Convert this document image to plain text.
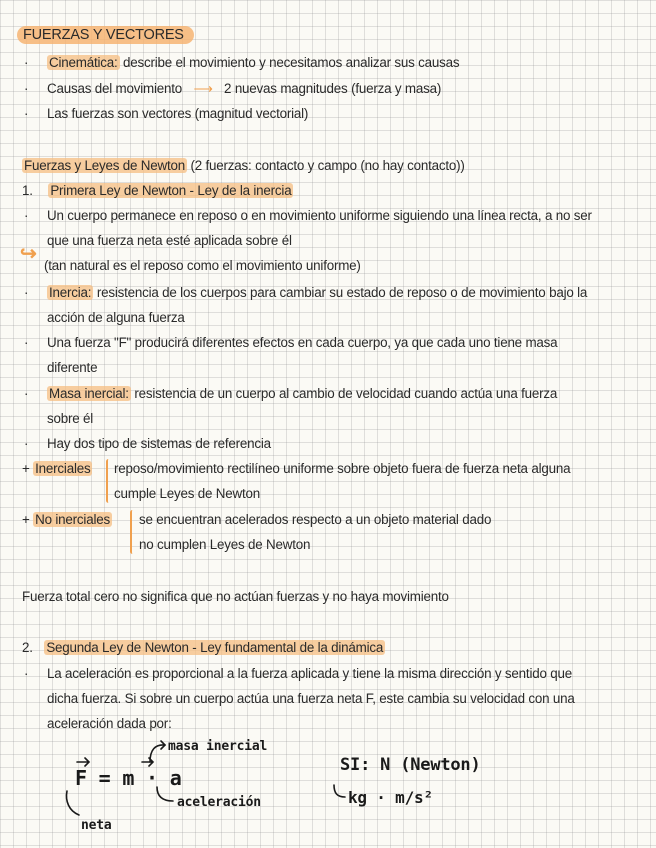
FUERZAS Y VECTORES
· Cinemática: describe el movimiento y necesitamos analizar sus causas
· Causas del movimiento ⟶ 2 nuevas magnitudes (fuerza y masa)
· Las fuerzas son vectores (magnitud vectorial)
Fuerzas y Leyes de Newton (2 fuerzas: contacto y campo (no hay contacto))
1. Primera Ley de Newton - Ley de la inercia
· Un cuerpo permanece en reposo o en movimiento uniforme siguiendo una línea recta, a no ser
que una fuerza neta esté aplicada sobre él
↪
(tan natural es el reposo como el movimiento uniforme)
· Inercia: resistencia de los cuerpos para cambiar su estado de reposo o de movimiento bajo la
acción de alguna fuerza
· Una fuerza "F" producirá diferentes efectos en cada cuerpo, ya que cada uno tiene masa
diferente
· Masa inercial: resistencia de un cuerpo al cambio de velocidad cuando actúa una fuerza
sobre él
· Hay dos tipo de sistemas de referencia
+ Inerciales reposo/movimiento rectilíneo uniforme sobre objeto fuera de fuerza neta alguna
cumple Leyes de Newton
+ No inerciales se encuentran acelerados respecto a un objeto material dado
no cumplen Leyes de Newton
Fuerza total cero no significa que no actúan fuerzas y no haya movimiento
2. Segunda Ley de Newton - Ley fundamental de la dinámica
· La aceleración es proporcional a la fuerza aplicada y tiene la misma dirección y sentido que
dicha fuerza. Si sobre un cuerpo actúa una fuerza neta F, este cambia su velocidad con una
aceleración dada por:
F = m · a
masa inercial
aceleración
neta
SI: N (Newton)
kg · m/s²
